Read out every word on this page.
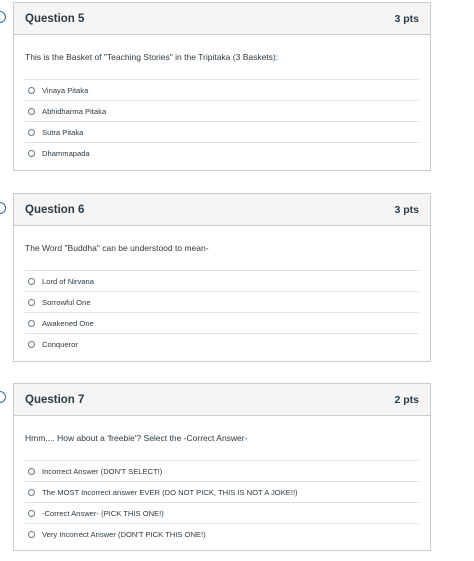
Question 5	3 pts
This is the Basket of "Teaching Stories" in the Tripitaka (3 Baskets):
Vinaya Pitaka
Abhidharma Pitaka
Sutra Pitaka
Dhammapada
Question 6	3 pts
The Word "Buddha" can be understood to mean-
Lord of Nirvana
Sorrowful One
Awakened One
Conqueror
Question 7	2 pts
Hmm.... How about a 'freebie'? Select the -Correct Answer-
Incorrect Answer (DON'T SELECT!)
The MOST Incorrect answer EVER (DO NOT PICK, THIS IS NOT A JOKE!!)
-Correct Answer- (PICK THIS ONE!)
Very Incorrect Answer (DON'T PICK THIS ONE!)
